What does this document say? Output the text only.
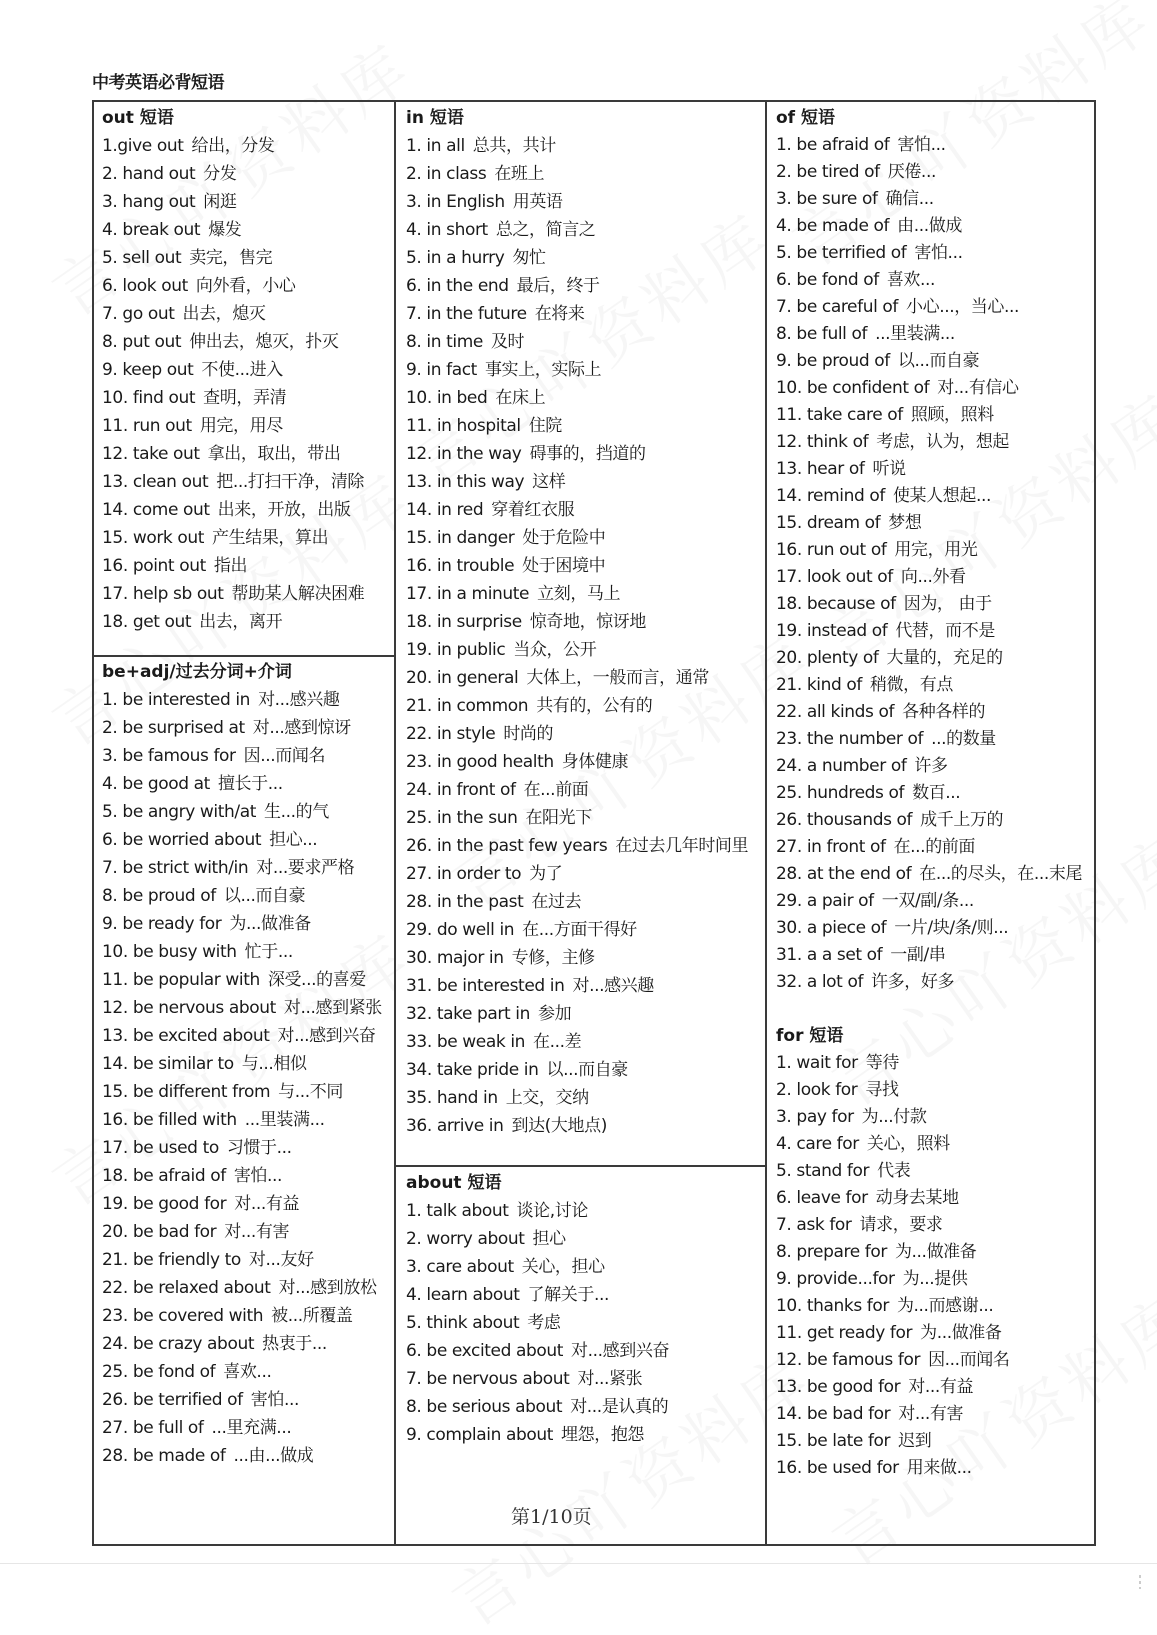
中考英语必背短语
out 短语
1.give out 给出，分发
2. hand out 分发
3. hang out 闲逛
4. break out 爆发
5. sell out 卖完，售完
6. look out 向外看，小心
7. go out 出去，熄灭
8. put out 伸出去，熄灭，扑灭
9. keep out 不使...进入
10. find out 查明，弄清
11. run out 用完，用尽
12. take out 拿出，取出，带出
13. clean out 把...打扫干净，清除
14. come out 出来，开放，出版
15. work out 产生结果，算出
16. point out 指出
17. help sb out 帮助某人解决困难
18. get out 出去，离开
be+adj/过去分词+介词
1. be interested in 对...感兴趣
2. be surprised at 对...感到惊讶
3. be famous for 因...而闻名
4. be good at 擅长于...
5. be angry with/at 生...的气
6. be worried about 担心...
7. be strict with/in 对...要求严格
8. be proud of 以...而自豪
9. be ready for 为...做准备
10. be busy with 忙于...
11. be popular with 深受...的喜爱
12. be nervous about 对...感到紧张
13. be excited about 对...感到兴奋
14. be similar to 与...相似
15. be different from 与...不同
16. be filled with ...里装满...
17. be used to 习惯于...
18. be afraid of 害怕...
19. be good for 对...有益
20. be bad for 对...有害
21. be friendly to 对...友好
22. be relaxed about 对...感到放松
23. be covered with 被...所覆盖
24. be crazy about 热衷于...
25. be fond of 喜欢...
26. be terrified of 害怕...
27. be full of ...里充满...
28. be made of ...由...做成
in 短语
1. in all 总共，共计
2. in class 在班上
3. in English 用英语
4. in short 总之，简言之
5. in a hurry 匆忙
6. in the end 最后，终于
7. in the future 在将来
8. in time 及时
9. in fact 事实上，实际上
10. in bed 在床上
11. in hospital 住院
12. in the way 碍事的，挡道的
13. in this way 这样
14. in red 穿着红衣服
15. in danger 处于危险中
16. in trouble 处于困境中
17. in a minute 立刻，马上
18. in surprise 惊奇地，惊讶地
19. in public 当众，公开
20. in general 大体上，一般而言，通常
21. in common 共有的，公有的
22. in style 时尚的
23. in good health 身体健康
24. in front of 在...前面
25. in the sun 在阳光下
26. in the past few years 在过去几年时间里
27. in order to 为了
28. in the past 在过去
29. do well in 在...方面干得好
30. major in 专修，主修
31. be interested in 对...感兴趣
32. take part in 参加
33. be weak in 在...差
34. take pride in 以...而自豪
35. hand in 上交，交纳
36. arrive in 到达(大地点)
about 短语
1. talk about 谈论,讨论
2. worry about 担心
3. care about 关心，担心
4. learn about 了解关于...
5. think about 考虑
6. be excited about 对...感到兴奋
7. be nervous about 对...紧张
8. be serious about 对...是认真的
9. complain about 埋怨，抱怨
of 短语
1. be afraid of 害怕...
2. be tired of 厌倦...
3. be sure of 确信...
4. be made of 由...做成
5. be terrified of 害怕...
6. be fond of 喜欢...
7. be careful of 小心...，当心...
8. be full of ...里装满...
9. be proud of 以...而自豪
10. be confident of 对...有信心
11. take care of 照顾，照料
12. think of 考虑，认为，想起
13. hear of 听说
14. remind of 使某人想起...
15. dream of 梦想
16. run out of 用完，用光
17. look out of 向...外看
18. because of 因为， 由于
19. instead of 代替，而不是
20. plenty of 大量的，充足的
21. kind of 稍微，有点
22. all kinds of 各种各样的
23. the number of ...的数量
24. a number of 许多
25. hundreds of 数百...
26. thousands of 成千上万的
27. in front of 在...的前面
28. at the end of 在...的尽头，在...末尾
29. a pair of 一双/副/条...
30. a piece of 一片/块/条/则...
31. a a set of 一副/串
32. a lot of 许多，好多
for 短语
1. wait for 等待
2. look for 寻找
3. pay for 为...付款
4. care for 关心，照料
5. stand for 代表
6. leave for 动身去某地
7. ask for 请求，要求
8. prepare for 为...做准备
9. provide...for 为...提供
10. thanks for 为...而感谢...
11. get ready for 为...做准备
12. be famous for 因...而闻名
13. be good for 对...有益
14. be bad for 对...有害
15. be late for 迟到
16. be used for 用来做...
第1/10页
